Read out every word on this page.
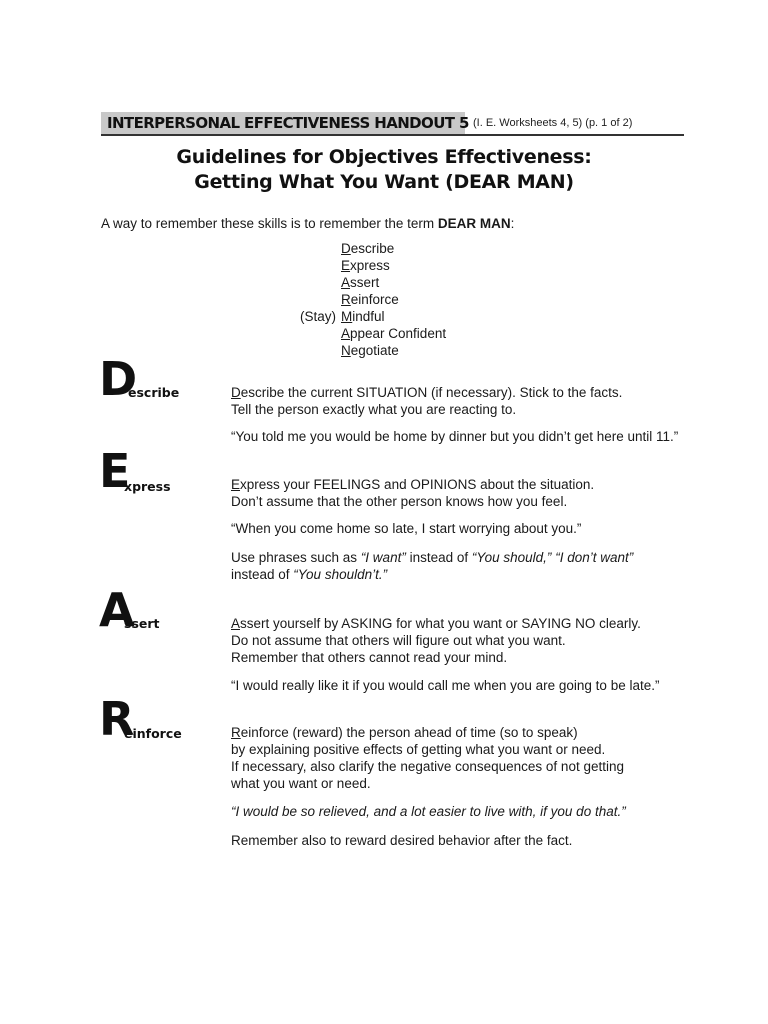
INTERPERSONAL EFFECTIVENESS HANDOUT 5 (I. E. Worksheets 4, 5) (p. 1 of 2)
Guidelines for Objectives Effectiveness:
Getting What You Want (DEAR MAN)
A way to remember these skills is to remember the term DEAR MAN:
Describe
Express
Assert
Reinforce
(Stay) Mindful
Appear Confident
Negotiate
D
escribe	Describe the current SITUATION (if necessary). Stick to the facts.
Tell the person exactly what you are reacting to.
“You told me you would be home by dinner but you didn’t get here until 11.”
E
xpress	Express your FEELINGS and OPINIONS about the situation.
Don’t assume that the other person knows how you feel.
“When you come home so late, I start worrying about you.”
Use phrases such as “I want” instead of “You should,” “I don’t want”
instead of “You shouldn’t.”
A
ssert	Assert yourself by ASKING for what you want or SAYING NO clearly.
Do not assume that others will figure out what you want.
Remember that others cannot read your mind.
“I would really like it if you would call me when you are going to be late.”
R
einforce	Reinforce (reward) the person ahead of time (so to speak)
by explaining positive effects of getting what you want or need.
If necessary, also clarify the negative consequences of not getting
what you want or need.
“I would be so relieved, and a lot easier to live with, if you do that.”
Remember also to reward desired behavior after the fact.
